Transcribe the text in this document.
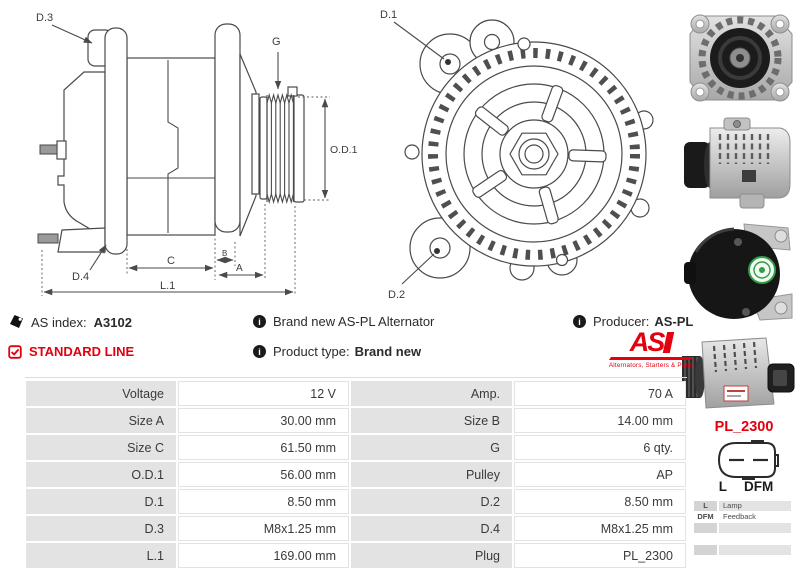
D.3
G
O.D.1
D.4
C
B
A
L.1
D.1
D.2
AS index: A3102
STANDARD LINE
i Brand new AS-PL Alternator
i Product type: Brand new
i Producer: AS-PL
AS
Alternators, Starters & Parts
Voltage	12 V	Amp.	70 A
Size A	30.00 mm	Size B	14.00 mm
Size C	61.50 mm	G	6 qty.
O.D.1	56.00 mm	Pulley	AP
D.1	8.50 mm	D.2	8.50 mm
D.3	M8x1.25 mm	D.4	M8x1.25 mm
L.1	169.00 mm	Plug	PL_2300
PL_2300
L DFM
L	Lamp
DFM	Feedback
